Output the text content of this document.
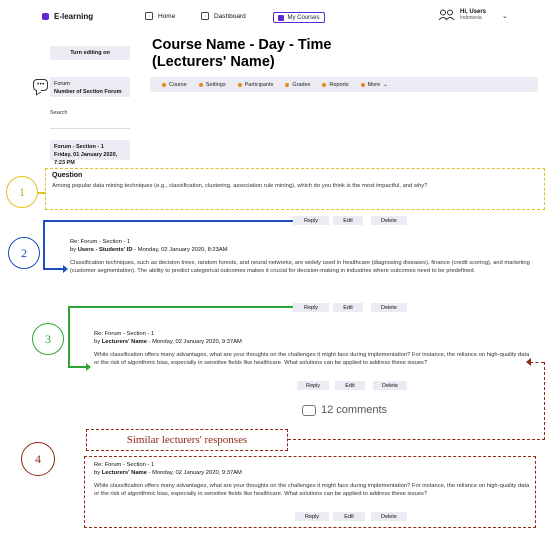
E-learning	Home	Dashboard	My Courses
Hi, Users
Indonesia	⌄
Turn editing on
••• Forum
Number of Section Forum
Search
Forum - Section - 1
Friday, 01 January 2020, 7:23 PM
Course Name - Day - Time
(Lecturers' Name)
Course	Settings	Participants	Grades	Reports	More ⌄
1
Question
Among popular data mining techniques (e.g., classification, clustering, association rule mining), which do you think is the most impactful, and why?
Reply	Edit	Delete
2
Re: Forum - Section - 1
by Users - Students' ID - Monday, 02 January 2020, 8:23AM
Classification techniques, such as decision trees, random forests, and neural networks, are widely used in healthcare (diagnosing diseases), finance (credit scoring), and marketing (customer segmentation). The ability to predict categorical outcomes makes it crucial for decision-making in industries where outcomes need to be predefined.
Reply	Edit	Delete
3	Re: Forum - Section - 1
by Lecturers' Name - Monday, 02 January 2020, 9:37AM
While classification offers many advantages, what are your thoughts on the challenges it might face during implementation? For instance, the reliance on high-quality data or the risk of algorithmic bias, especially in sensitive fields like healthcare. What solutions can be applied to address these issues?
Reply	Edit	Delete
12 comments
Similar lecturers' responses
4	Re: Forum - Section - 1
by Lecturers' Name - Monday, 02 January 2020, 9:37AM
While classification offers many advantages, what are your thoughts on the challenges it might face during implementation? For instance, the reliance on high-quality data or the risk of algorithmic bias, especially in sensitive fields like healthcare. What solutions can be applied to address these issues?
Reply	Edit	Delete
